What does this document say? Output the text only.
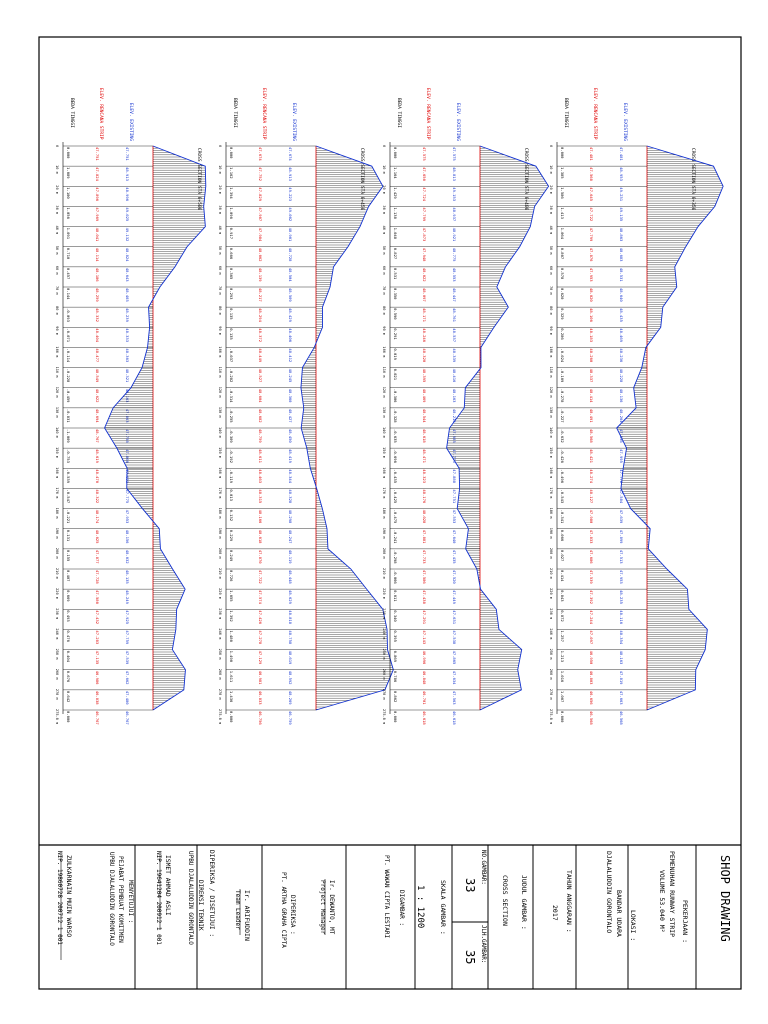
BEDA TINGGI	ELEV. RENCANA STRIP	ELEV. EXISTING
CROSS SECTION STA 0+500
0
0.000	47.751	47.751
10 m 1.089	47.824	48.913
20 m 1.100	47.896	48.996
30 m 1.056	47.969	49.025
40 m 1.091	48.041	49.132
50 m 0.710	48.114	48.824
60 m 0.457	48.186	48.643
70 m 0.144	48.259	48.403
80 m -0.093	48.332	48.239
90 m -0.071	48.404	48.333
100 m -0.114	48.477	48.363
110 m -0.228	48.549	48.321
120 m -0.459	48.622	48.163
130 m -0.831	48.694	47.863
140 m -1.009	48.767	47.758
150 m -0.753	48.619	47.866
160 m -0.539	48.470	47.931
170 m -0.547	48.322	47.775
180 m -0.221	48.174	47.953
190 m 0.131	48.025	48.156
200 m 0.155	47.877	48.032
210 m 0.407	47.728	48.135
220 m 0.669	47.580	48.249
230 m 0.493	47.432	47.925
240 m 0.476	47.283	47.759
250 m 0.404	47.135	47.539
260 m 0.676	46.986	47.662
270 m 0.642	46.838	47.480
275.8 m 0.000	46.767	46.767
BEDA TINGGI	ELEV. RENCANA STRIP	ELEV. EXISTING
CROSS SECTION STA 0+450
0
0.000	47.674	47.674
10 m 1.162	47.752	48.913
20 m 1.394	47.829	49.223
30 m 1.096	47.907	49.002
40 m 0.917	47.984	48.901
50 m 0.666	48.062	48.728
60 m 0.365	48.139	48.504
70 m 0.293	48.217	48.509
80 m 0.135	48.294	48.429
90 m 0.135	48.372	48.406
100 m -0.037	48.449	48.412
110 m -0.282	48.527	48.245
120 m -0.314	48.604	48.360
130 m -0.255	48.682	48.427
140 m -0.309	48.759	48.450
150 m -0.192	48.611	48.419
160 m -0.119	48.463	48.344
170 m 0.013	48.315	48.328
180 m 0.132	48.166	48.298
190 m 0.229	48.018	48.247
200 m 0.249	47.870	48.119
210 m 0.726	47.722	48.448
220 m 1.055	47.574	48.629
230 m 1.392	47.426	48.818
240 m 1.480	47.278	48.758
250 m 1.490	47.129	48.619
260 m 1.611	46.981	48.592
270 m 1.436	46.833	48.269
275.8 m 0.000	46.756	46.759
BEDA TINGGI	ELEV. RENCANA STRIP	ELEV. EXISTING
CROSS SECTION STA 0+400
0
0.000	47.575	47.575
10 m 1.164	47.650	48.813
20 m 1.429	47.724	49.153
30 m 1.138	47.799	48.937
40 m 1.048	47.873	48.921
50 m 0.827	47.948	48.775
60 m 0.531	48.022	48.553
70 m 0.350	48.097	48.447
80 m 0.590	48.171	48.761
90 m 0.291	48.246	48.537
100 m 0.019	48.320	48.339
110 m 0.021	48.395	48.416
120 m -0.306	48.469	48.163
130 m -0.328	48.544	48.216
140 m -0.635	48.618	47.983
150 m -0.696	48.471	47.775
160 m -0.435	48.323	47.888
170 m -0.425	48.176	47.751
180 m -0.475	48.028	47.553
190 m -0.241	47.881	47.640
200 m -0.298	47.733	47.435
210 m -0.066	47.586	47.520
220 m 0.011	47.438	47.449
230 m 0.340	47.291	47.631
240 m 0.395	47.143	47.538
250 m 0.869	46.996	47.865
260 m 0.786	46.848	47.634
270 m 0.862	46.701	47.563
275.8 m 0.000	46.618	46.618
BEDA TINGGI	ELEV. RENCANA STRIP	ELEV. EXISTING
CROSS SECTION STA 0+350
0
0.000	47.481	47.481
10 m 1.385	47.568	48.953
20 m 1.586	47.645	49.231
30 m 1.413	47.722	49.135
40 m 1.064	47.799	48.863
50 m 0.807	47.876	48.683
60 m 0.578	47.953	48.531
70 m 0.620	48.020	48.640
80 m 0.329	48.106	48.435
90 m 0.286	48.183	48.469
100 m -0.024	48.260	48.236
110 m -0.109	48.337	48.228
120 m -0.278	48.414	48.136
130 m -0.227	48.491	48.264
140 m -0.632	48.568	47.936
150 m -0.426	48.421	47.995
160 m -0.496	48.274	47.778
170 m -0.543	48.127	47.584
180 m -0.341	47.980	47.639
190 m 0.066	47.833	47.899
200 m 0.027	47.686	47.513
210 m 0.414	47.539	47.953
220 m 0.843	47.392	48.235
230 m 0.872	47.244	48.116
240 m 1.257	47.097	48.354
250 m 1.213	46.950	48.163
260 m 1.016	46.803	47.819
270 m 1.007	46.656	47.663
275.8 m 0.000	46.568	46.568
SHOP DRAWING
PEKERJAAN :
PEMENUHAN RUNWAY STRIP
VOLUME 53.040 M²
LOKASI :
BANDAR UDARA
DJALALUDDIN GORONTALO
TAHUN ANGGARAN :
2017
JUDUL GAMBAR :
CROSS SECTION
NO.GAMBAR:
33
JLH.GAMBAR:
35
SKALA GAMBAR :
1 : 1200
DIGAMBAR :
PT. WAWAN CIPTA LESTARI
Ir. DEWANTO, MT
Project Manager
DIPERIKSA :
PT. ARTHA GRAHA CIPTA
Ir. ARIFUDDIN
Team Leader
DIPERIKSA / DISETUJUI :
DIREKSI TEKNIK
UPBU DJALALUDDIN GORONTALO
ISMET AHMAD ASLI
NIP. 19641204 200912 1 001
MENYETUJUI :
PEJABAT PEMBUAT KOMITMEN
UPBU DJALALUDDIN GORONTALO
ZULKARNAIN MUIN WARSO
NIP. 19860728 200712 1 001
